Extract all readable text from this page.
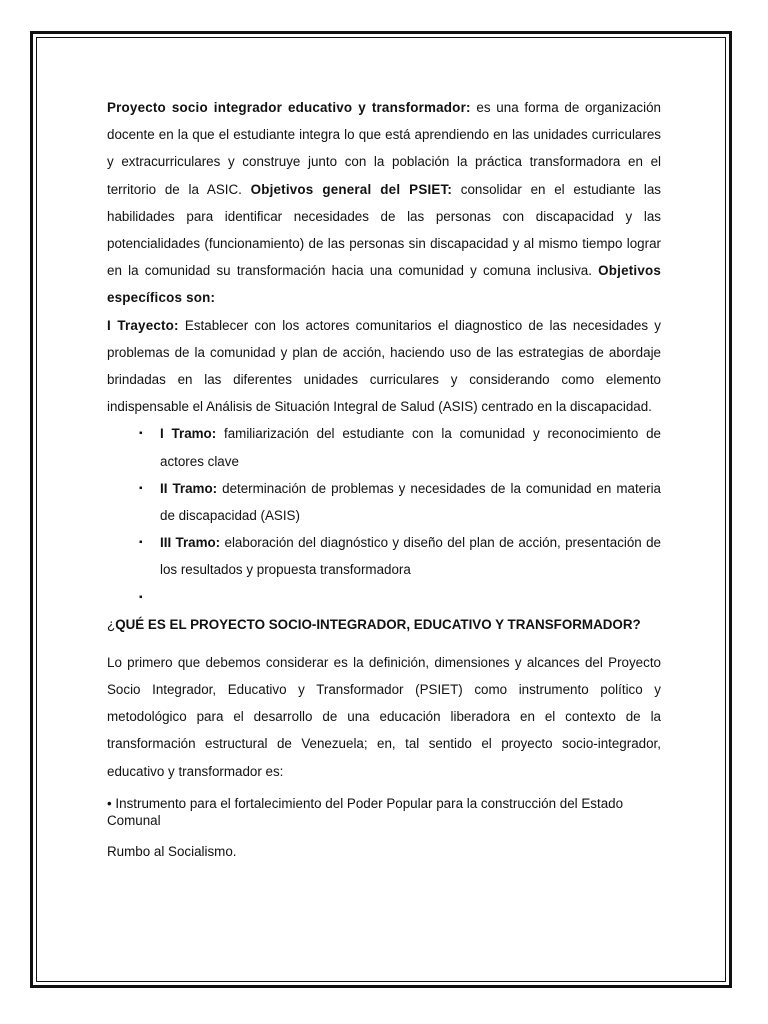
Proyecto socio integrador educativo y transformador: es una forma de organización docente en la que el estudiante integra lo que está aprendiendo en las unidades curriculares y extracurriculares y construye junto con la población la práctica transformadora en el territorio de la ASIC. Objetivos general del PSIET: consolidar en el estudiante las habilidades para identificar necesidades de las personas con discapacidad y las potencialidades (funcionamiento) de las personas sin discapacidad y al mismo tiempo lograr en la comunidad su transformación hacia una comunidad y comuna inclusiva. Objetivos específicos son:

I Trayecto: Establecer con los actores comunitarios el diagnostico de las necesidades y problemas de la comunidad y plan de acción, haciendo uso de las estrategias de abordaje brindadas en las diferentes unidades curriculares y considerando como elemento indispensable el Análisis de Situación Integral de Salud (ASIS) centrado en la discapacidad.

▪ I Tramo: familiarización del estudiante con la comunidad y reconocimiento de actores clave
▪ II Tramo: determinación de problemas y necesidades de la comunidad en materia de discapacidad (ASIS)
▪ III Tramo: elaboración del diagnóstico y diseño del plan de acción, presentación de los resultados y propuesta transformadora
▪

¿QUÉ ES EL PROYECTO SOCIO-INTEGRADOR, EDUCATIVO Y TRANSFORMADOR?

Lo primero que debemos considerar es la definición, dimensiones y alcances del Proyecto Socio Integrador, Educativo y Transformador (PSIET) como instrumento político y metodológico para el desarrollo de una educación liberadora en el contexto de la transformación estructural de Venezuela; en, tal sentido el proyecto socio-integrador, educativo y transformador es:

• Instrumento para el fortalecimiento del Poder Popular para la construcción del Estado Comunal

Rumbo al Socialismo.
